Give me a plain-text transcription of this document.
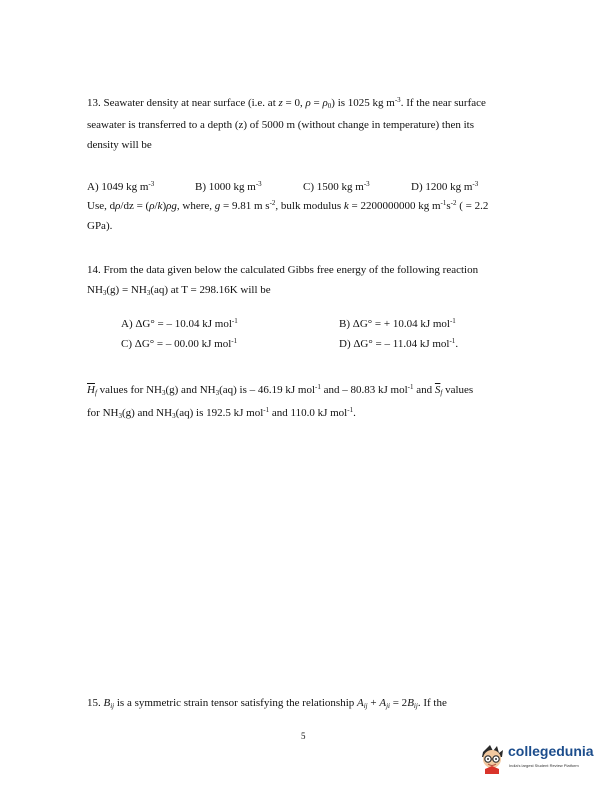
13. Seawater density at near surface (i.e. at z = 0, $\rho = \rho_0$) is 1025 kg $m^{-3}$. If the near surface
seawater is transferred to a depth (z) of 5000 m (without change in temperature) then its
density will be
A) 1049 kg $m^{-3}$	B) 1000 kg $m^{-3}$	C) 1500 kg $m^{-3}$	D) 1200 kg $m^{-3}$
Use, dρ/dz = (ρ/k)ρg, where, g = 9.81 m $s^{-2}$, bulk modulus k = 2200000000 kg $m^{-1}s^{-2}$ ( = 2.2
GPa).
14. From the data given below the calculated Gibbs free energy of the following reaction
$NH_3(g) = NH_3(aq)$ at T = 298.16K will be
A) ΔG° = – 10.04 kJ mol$^{-1}$	B) ΔG° = + 10.04 kJ mol$^{-1}$
C) ΔG° = – 00.00 kJ mol$^{-1}$	D) ΔG° = – 11.04 kJ mol$^{-1}$.
$\overline{H}_f$ values for $NH_3(g)$ and $NH_3(aq)$ is – 46.19 kJ mol$^{-1}$ and – 80.83 kJ mol$^{-1}$ and $\overline{S}_f$ values
for $NH_3(g)$ and $NH_3(aq)$ is 192.5 kJ mol$^{-1}$ and 110.0 kJ mol$^{-1}$.
15. $B_{ij}$ is a symmetric strain tensor satisfying the relationship $A_{ij} + A_{ji} = 2B_{ij}$. If the
5
collegedunia
India's largest Student Review Platform
